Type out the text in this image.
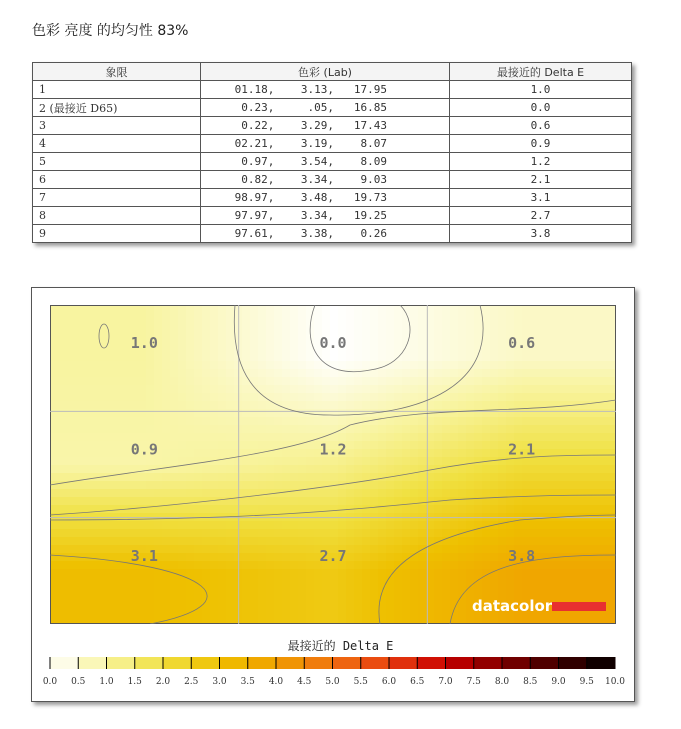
色彩 亮度 的均匀性 83%
象限	色彩 (Lab)	最接近的 Delta E
1	01.18,    3.13,   17.95	1.0
2 (最接近 D65)	0.23,     .05,   16.85	0.0
3	0.22,    3.29,   17.43	0.6
4	02.21,    3.19,    8.07	0.9
5	0.97,    3.54,    8.09	1.2
6	0.82,    3.34,    9.03	2.1
7	98.97,    3.48,   19.73	3.1
8	97.97,    3.34,   19.25	2.7
9	97.61,    3.38,    0.26	3.8
1.0	0.0	0.6
0.9	1.2	2.1
3.1	2.7	3.8
datacolor
最接近的 Delta E
0.0 0.5 1.0 1.5 2.0 2.5 3.0 3.5 4.0 4.5 5.0 5.5 6.0 6.5 7.0 7.5 8.0 8.5 9.0 9.5 10.0
